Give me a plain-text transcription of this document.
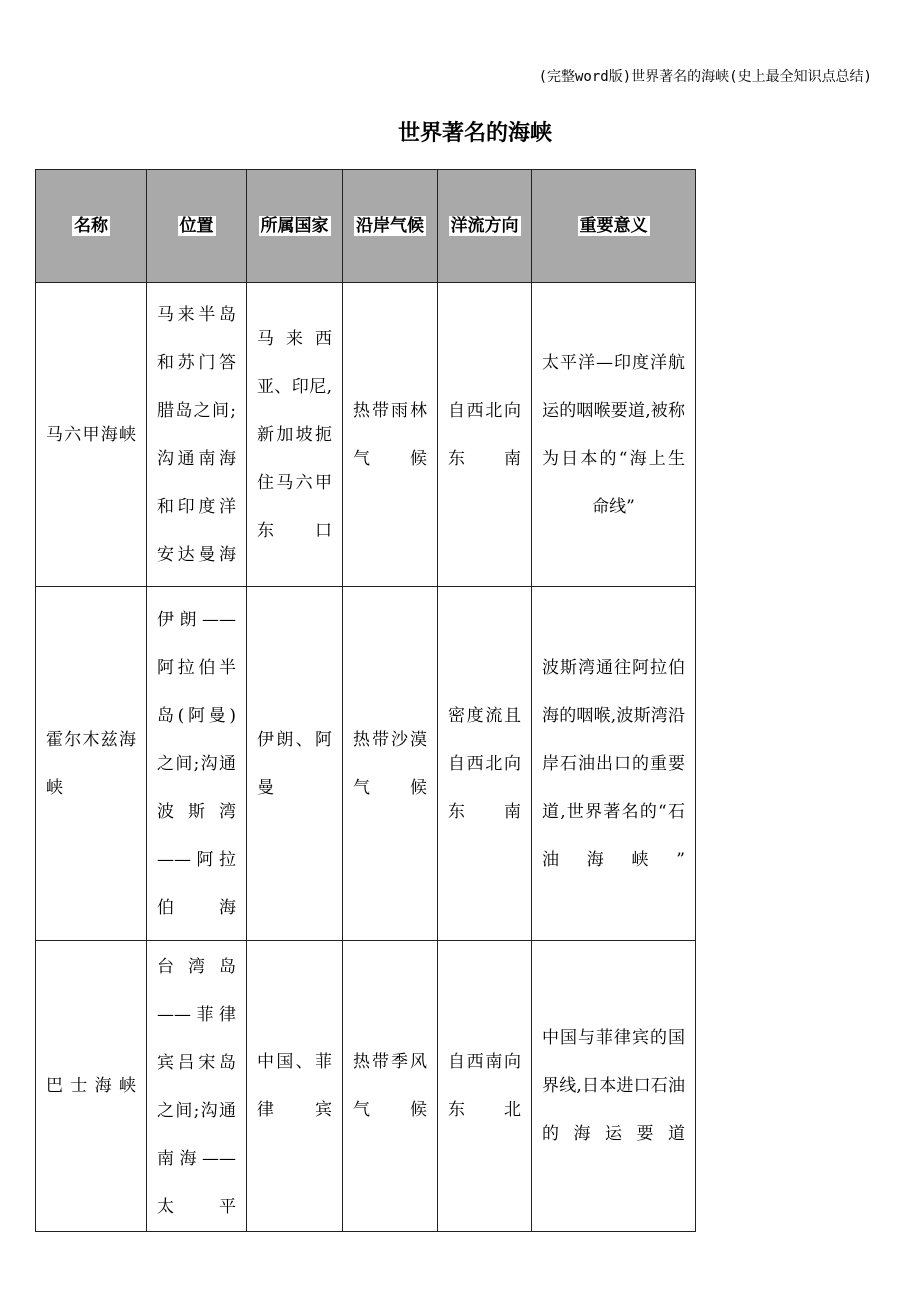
(完整word版)世界著名的海峡(史上最全知识点总结)
世界著名的海峡
名称	位置	所属国家	沿岸气候	洋流方向	重要意义
马六甲海峡	马来半岛和苏门答腊岛之间;沟通南海和印度洋安达曼海	马来西亚、印尼,新加坡扼住马六甲东口	热带雨林气候	自西北向东南	太平洋—印度洋航运的咽喉要道,被称为日本的“海上生命线”
霍尔木兹海峡	伊朗——阿拉伯半岛(阿曼)之间;沟通波斯湾——阿拉伯海	伊朗、阿曼	热带沙漠气候	密度流且自西北向东南	波斯湾通往阿拉伯海的咽喉,波斯湾沿岸石油出口的重要道,世界著名的“石油海峡”
巴士海峡	台湾岛——菲律宾吕宋岛之间;沟通南海——太平	中国、菲律宾	热带季风气候	自西南向东北	中国与菲律宾的国界线,日本进口石油的海运要道
